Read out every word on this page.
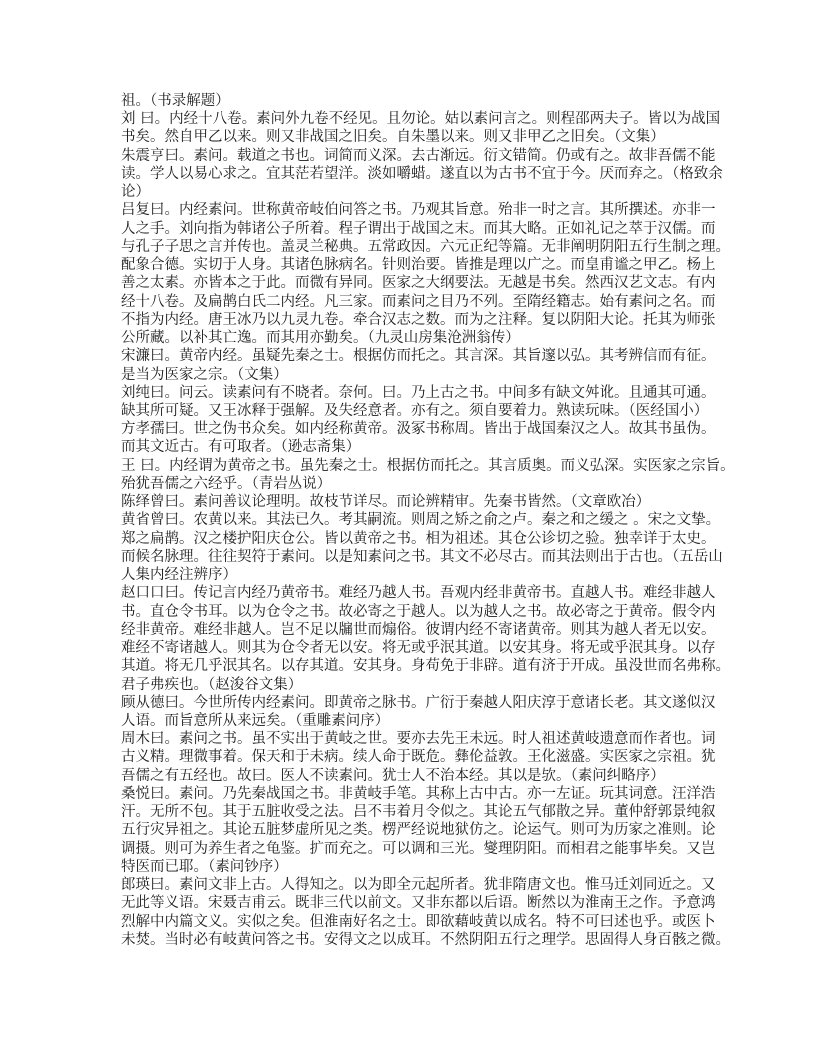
祖。（书录解题）
刘 曰。内经十八卷。素问外九卷不经见。且勿论。姑以素问言之。则程邵两夫子。皆以为战国
书矣。然自甲乙以来。则又非战国之旧矣。自朱墨以来。则又非甲乙之旧矣。（文集）
朱震亨曰。素问。载道之书也。词简而义深。去古渐远。衍文错简。仍或有之。故非吾儒不能
读。学人以易心求之。宜其茫若望洋。淡如嚼蜡。遂直以为古书不宜于今。厌而弃之。（格致余
论）
吕复曰。内经素问。世称黄帝岐伯问答之书。乃观其旨意。殆非一时之言。其所撰述。亦非一
人之手。刘向指为韩诸公子所着。程子谓出于战国之末。而其大略。正如礼记之萃于汉儒。而
与孔子子思之言并传也。盖灵兰秘典。五常政因。六元正纪等篇。无非阐明阴阳五行生制之理。
配象合德。实切于人身。其诸色脉病名。针则治要。皆推是理以广之。而皇甫谧之甲乙。杨上
善之太素。亦皆本之于此。而微有异同。医家之大纲要法。无越是书矣。然西汉艺文志。有内
经十八卷。及扁鹊白氏二内经。凡三家。而素问之目乃不列。至隋经籍志。始有素问之名。而
不指为内经。唐王冰乃以九灵九卷。牵合汉志之数。而为之注释。复以阴阳大论。托其为师张
公所藏。以补其亡逸。而其用亦勤矣。（九灵山房集沧洲翁传）
宋濂曰。黄帝内经。虽疑先秦之士。根据仿而托之。其言深。其旨邃以弘。其考辨信而有征。
是当为医家之宗。（文集）
刘纯曰。问云。读素问有不晓者。奈何。曰。乃上古之书。中间多有缺文舛讹。且通其可通。
缺其所可疑。又王冰释于强解。及失经意者。亦有之。须自要着力。熟读玩味。（医经国小）
方孝孺曰。世之伪书众矣。如内经称黄帝。汲冢书称周。皆出于战国秦汉之人。故其书虽伪。
而其文近古。有可取者。（逊志斋集）
王 曰。内经谓为黄帝之书。虽先秦之士。根据仿而托之。其言质奥。而义弘深。实医家之宗旨。
殆犹吾儒之六经乎。（青岩丛说）
陈绎曾曰。素问善议论理明。故枝节详尽。而论辨精审。先秦书皆然。（文章欧冶）
黄省曾曰。农黄以来。其法已久。考其嗣流。则周之矫之俞之卢。秦之和之缓之 。宋之文挚。
郑之扁鹊。汉之楼护阳庆仓公。皆以黄帝之书。相为祖述。其仓公诊切之验。独幸详于太史。
而候名脉理。往往契符于素问。以是知素问之书。其文不必尽古。而其法则出于古也。（五岳山
人集内经注辨序）
赵口口曰。传记言内经乃黄帝书。难经乃越人书。吾观内经非黄帝书。直越人书。难经非越人
书。直仓令书耳。以为仓令之书。故必寄之于越人。以为越人之书。故必寄之于黄帝。假令内
经非黄帝。难经非越人。岂不足以牖世而煽俗。彼谓内经不寄诸黄帝。则其为越人者无以安。
难经不寄诸越人。则其为仓令者无以安。将无或乎泯其道。以安其身。将无或乎泯其身。以存
其道。将无几乎泯其名。以存其道。安其身。身苟免于非辟。道有济于开成。虽没世而名弗称。
君子弗疾也。（赵浚谷文集）
顾从德曰。今世所传内经素问。即黄帝之脉书。广衍于秦越人阳庆淳于意诸长老。其文遂似汉
人语。而旨意所从来远矣。（重雕素问序）
周木曰。素问之书。虽不实出于黄岐之世。要亦去先王未远。时人祖述黄岐遗意而作者也。词
古义精。理微事着。保天和于未病。续人命于既危。彝伦益敦。王化滋盛。实医家之宗祖。犹
吾儒之有五经也。故曰。医人不读素问。犹士人不治本经。其以是欤。（素问纠略序）
桑悦曰。素问。乃先秦战国之书。非黄岐手笔。其称上古中古。亦一左证。玩其词意。汪洋浩
汗。无所不包。其于五脏收受之法。吕不韦着月令似之。其论五气郁散之异。董仲舒郭景纯叙
五行灾异祖之。其论五脏梦虚所见之类。楞严经说地狱仿之。论运气。则可为历家之准则。论
调摄。则可为养生者之龟鉴。扩而充之。可以调和三光。燮理阴阳。而相君之能事毕矣。又岂
特医而已耶。（素问钞序）
郎瑛曰。素问文非上古。人得知之。以为即全元起所者。犹非隋唐文也。惟马迁刘同近之。又
无此等义语。宋聂吉甫云。既非三代以前文。又非东都以后语。断然以为淮南王之作。予意鸿
烈解中内篇文义。实似之矣。但淮南好名之士。即欲藉岐黄以成名。特不可曰述也乎。或医卜
未焚。当时必有岐黄问答之书。安得文之以成耳。不然阴阳五行之理学。思固得人身百骸之微。
